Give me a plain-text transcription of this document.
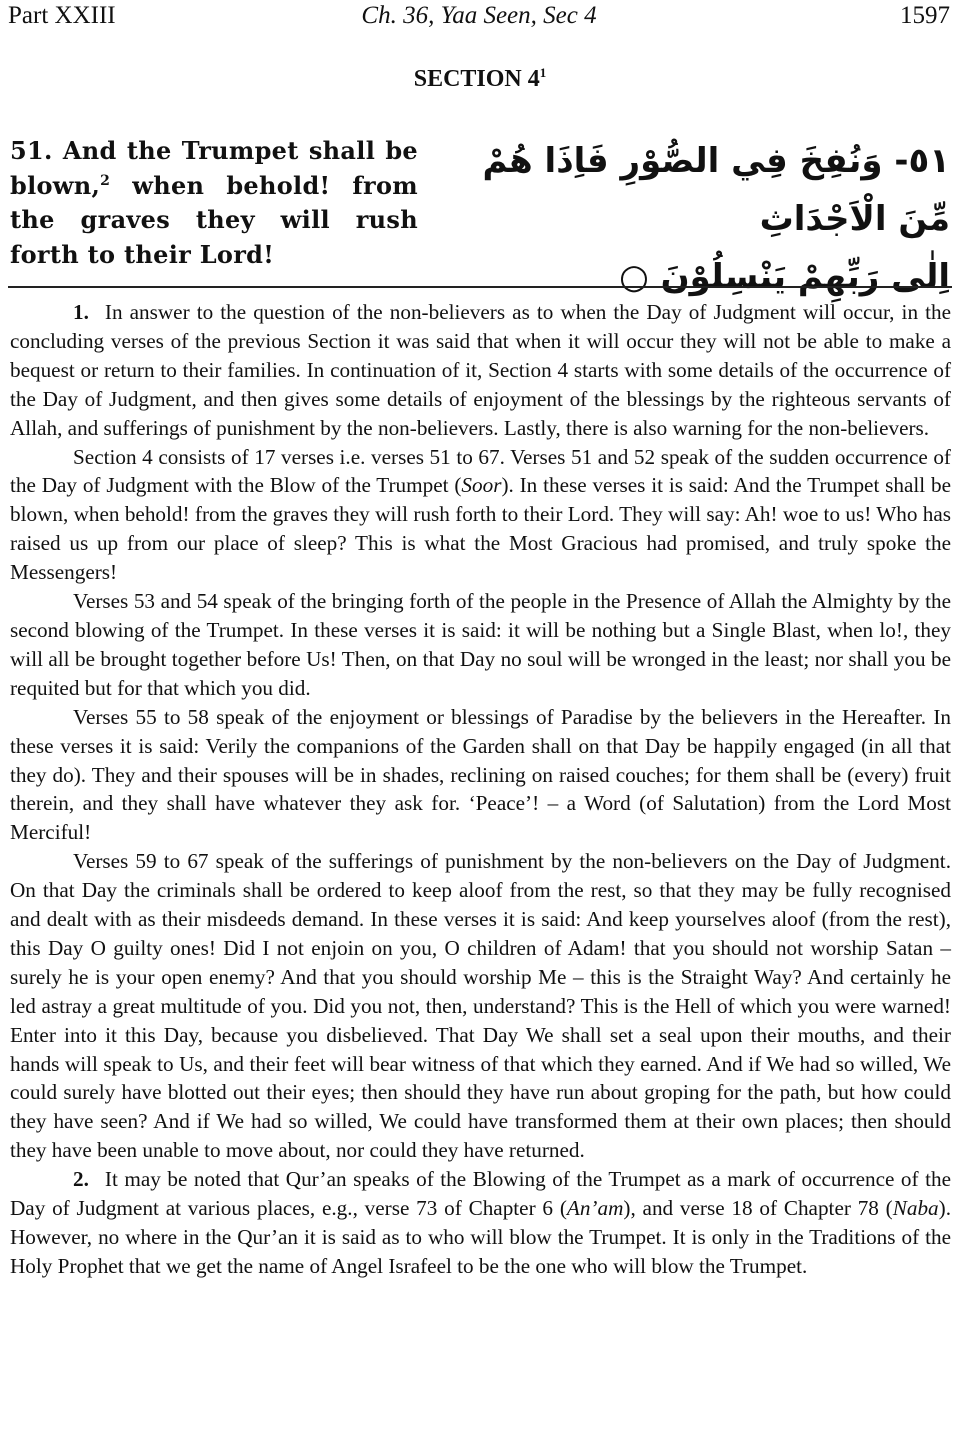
Part XXIII	Ch. 36, Yaa Seen, Sec 4	1597
SECTION $4^1$
51. And the Trumpet shall be blown,$^2$ when behold! from the graves they will rush forth to their Lord!
٥١- وَنُفِخَ فِي الصُّوْرِ فَاِذَا هُمْ مِّنَ الْاَجْدَاثِ
اِلٰى رَبِّهِمْ يَنْسِلُوْنَ ○

1. In answer to the question of the non-believers as to when the Day of Judgment will occur, in the concluding verses of the previous Section it was said that when it will occur they will not be able to make a bequest or return to their families. In continuation of it, Section 4 starts with some details of the occurrence of the Day of Judgment, and then gives some details of enjoyment of the blessings by the righteous servants of Allah, and sufferings of punishment by the non-believers. Lastly, there is also warning for the non-believers.

Section 4 consists of 17 verses i.e. verses 51 to 67. Verses 51 and 52 speak of the sudden occurrence of the Day of Judgment with the Blow of the Trumpet (Soor). In these verses it is said: And the Trumpet shall be blown, when behold! from the graves they will rush forth to their Lord. They will say: Ah! woe to us! Who has raised us up from our place of sleep? This is what the Most Gracious had promised, and truly spoke the Messengers!

Verses 53 and 54 speak of the bringing forth of the people in the Presence of Allah the Almighty by the second blowing of the Trumpet. In these verses it is said: it will be nothing but a Single Blast, when lo!, they will all be brought together before Us! Then, on that Day no soul will be wronged in the least; nor shall you be requited but for that which you did.

Verses 55 to 58 speak of the enjoyment or blessings of Paradise by the believers in the Hereafter. In these verses it is said: Verily the companions of the Garden shall on that Day be happily engaged (in all that they do). They and their spouses will be in shades, reclining on raised couches; for them shall be (every) fruit therein, and they shall have whatever they ask for. ‘Peace’! – a Word (of Salutation) from the Lord Most Merciful!

Verses 59 to 67 speak of the sufferings of punishment by the non-believers on the Day of Judgment. On that Day the criminals shall be ordered to keep aloof from the rest, so that they may be fully recognised and dealt with as their misdeeds demand. In these verses it is said: And keep yourselves aloof (from the rest), this Day O guilty ones! Did I not enjoin on you, O children of Adam! that you should not worship Satan – surely he is your open enemy? And that you should worship Me – this is the Straight Way? And certainly he led astray a great multitude of you. Did you not, then, understand? This is the Hell of which you were warned! Enter into it this Day, because you disbelieved. That Day We shall set a seal upon their mouths, and their hands will speak to Us, and their feet will bear witness of that which they earned. And if We had so willed, We could surely have blotted out their eyes; then should they have run about groping for the path, but how could they have seen? And if We had so willed, We could have transformed them at their own places; then should they have been unable to move about, nor could they have returned.

2. It may be noted that Qur’an speaks of the Blowing of the Trumpet as a mark of occurrence of the Day of Judgment at various places, e.g., verse 73 of Chapter 6 (An’am), and verse 18 of Chapter 78 (Naba). However, no where in the Qur’an it is said as to who will blow the Trumpet. It is only in the Traditions of the Holy Prophet that we get the name of Angel Israfeel to be the one who will blow the Trumpet.
